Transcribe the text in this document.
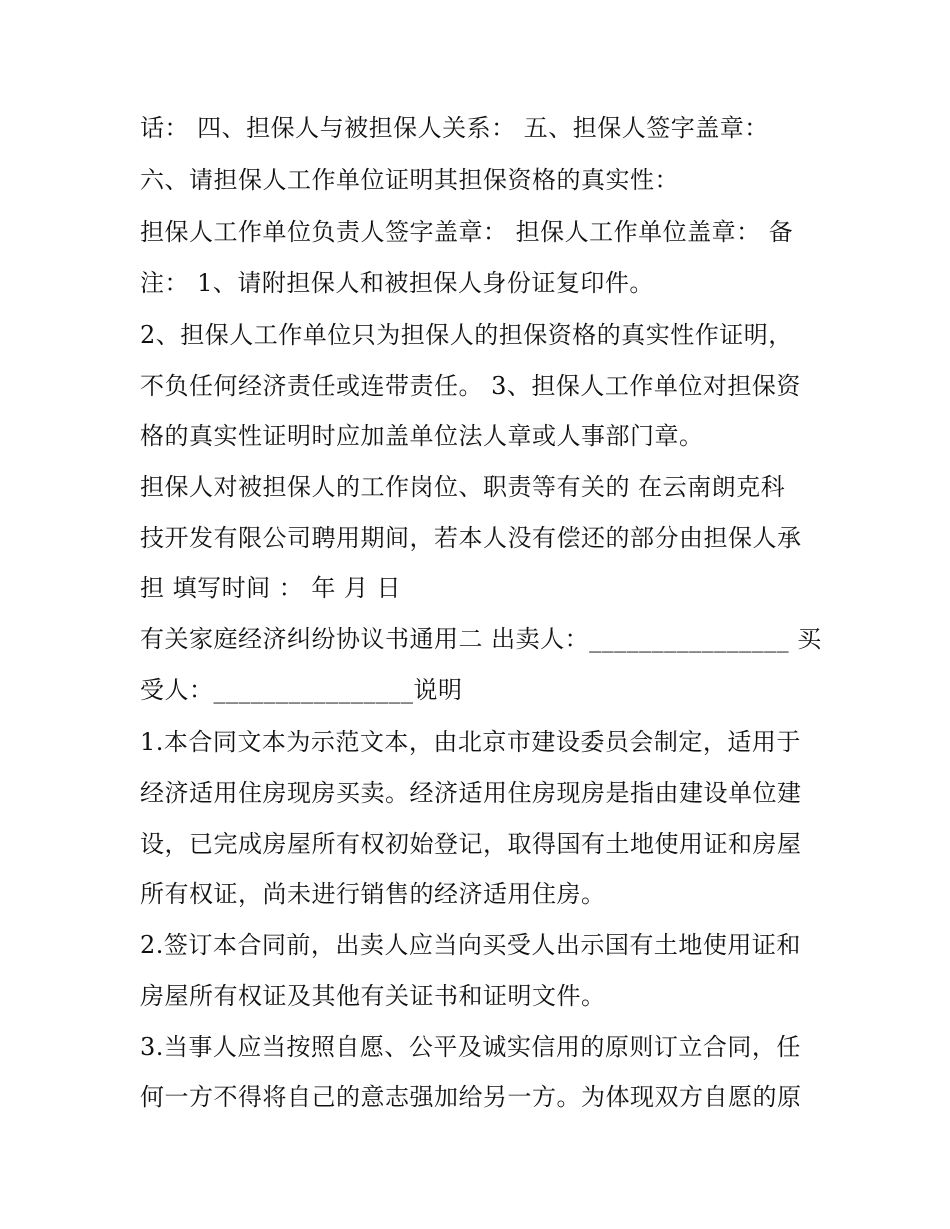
话： 四、担保人与被担保人关系： 五、担保人签字盖章：

六、请担保人工作单位证明其担保资格的真实性：

担保人工作单位负责人签字盖章： 担保人工作单位盖章： 备

注： 1、请附担保人和被担保人身份证复印件。

2、担保人工作单位只为担保人的担保资格的真实性作证明，

不负任何经济责任或连带责任。 3、担保人工作单位对担保资

格的真实性证明时应加盖单位法人章或人事部门章。

担保人对被担保人的工作岗位、职责等有关的 在云南朗克科

技开发有限公司聘用期间，若本人没有偿还的部分由担保人承

担 填写时间 ： 年 月 日

有关家庭经济纠纷协议书通用二 出卖人：________________ 买

受人：________________说明

1.本合同文本为示范文本，由北京市建设委员会制定，适用于

经济适用住房现房买卖。经济适用住房现房是指由建设单位建

设，已完成房屋所有权初始登记，取得国有土地使用证和房屋

所有权证，尚未进行销售的经济适用住房。

2.签订本合同前，出卖人应当向买受人出示国有土地使用证和

房屋所有权证及其他有关证书和证明文件。

3.当事人应当按照自愿、公平及诚实信用的原则订立合同，任

何一方不得将自己的意志强加给另一方。为体现双方自愿的原
